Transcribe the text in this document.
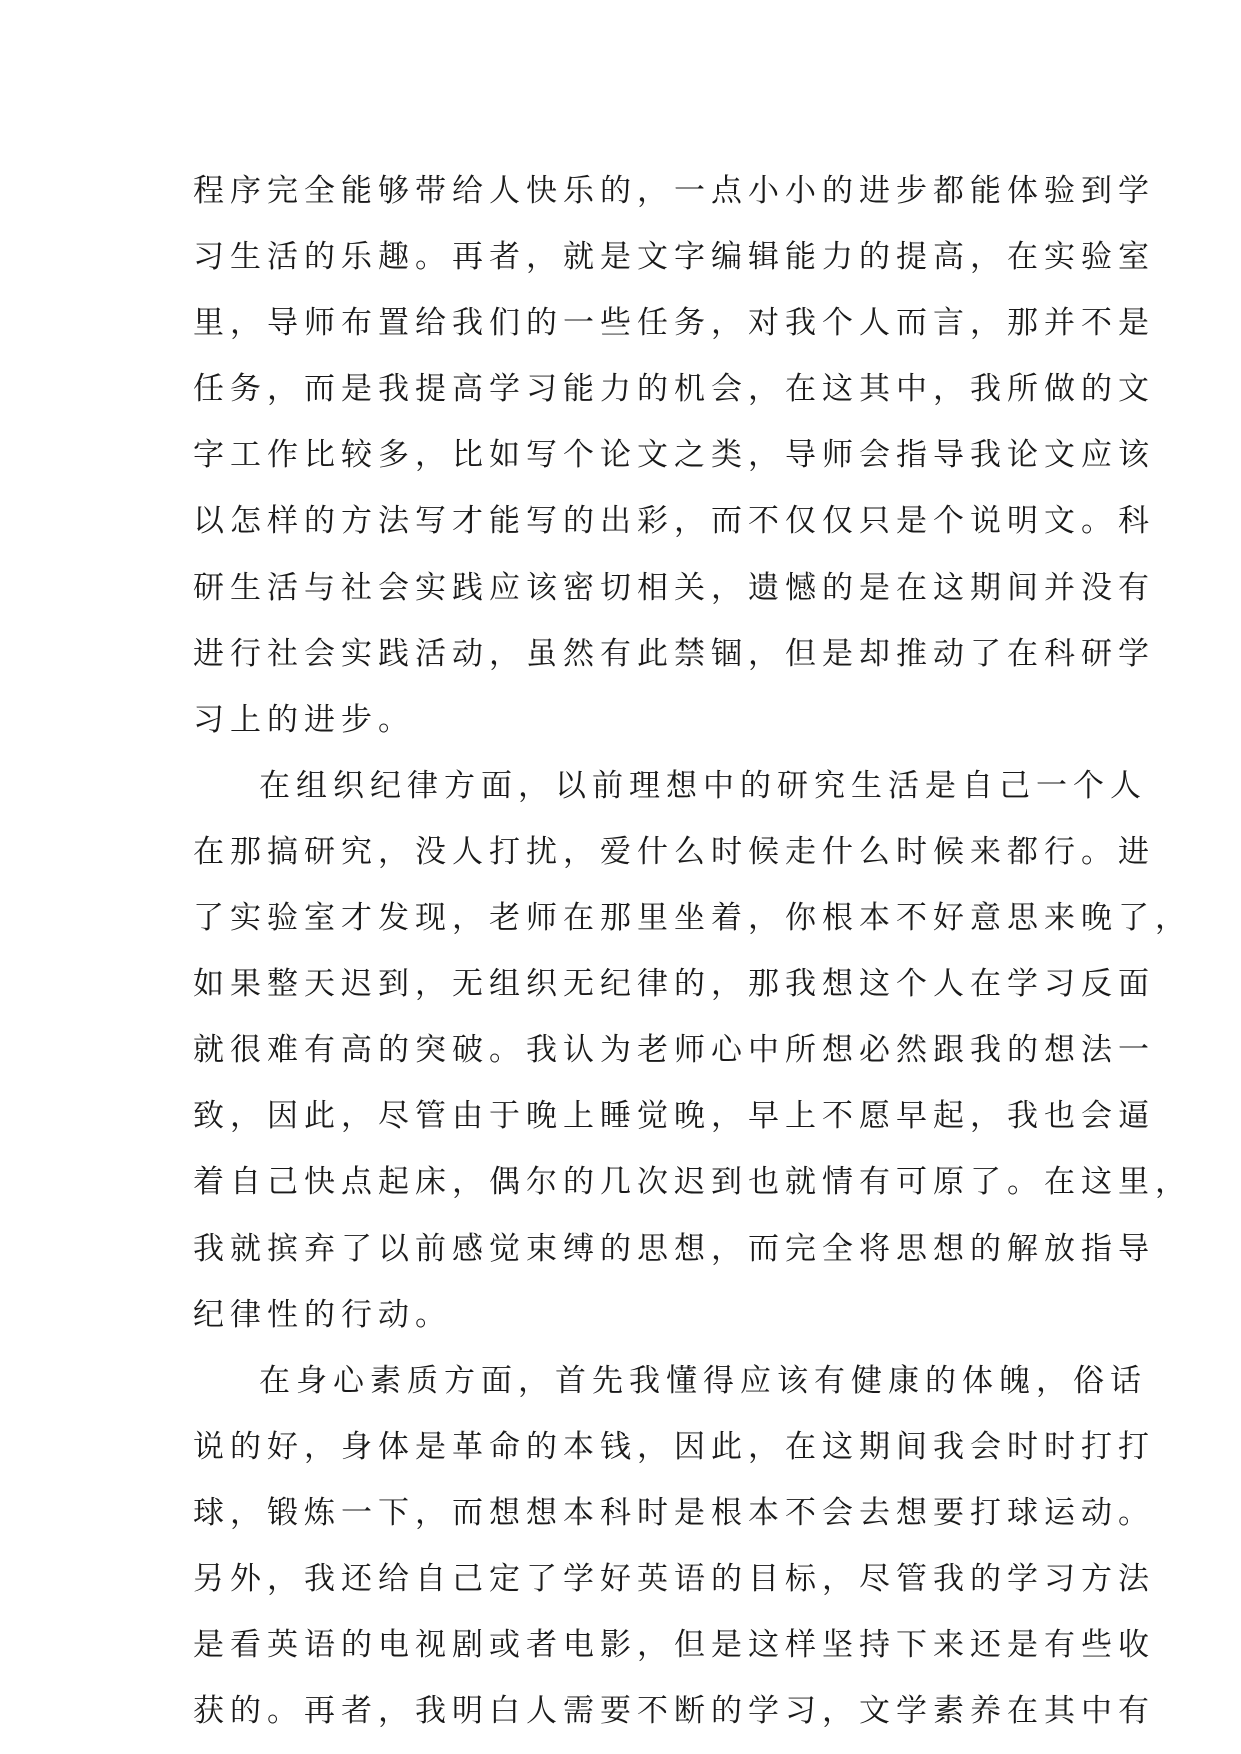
程序完全能够带给人快乐的，一点小小的进步都能体验到学
习生活的乐趣。再者，就是文字编辑能力的提高，在实验室
里，导师布置给我们的一些任务，对我个人而言，那并不是
任务，而是我提高学习能力的机会，在这其中，我所做的文
字工作比较多，比如写个论文之类，导师会指导我论文应该
以怎样的方法写才能写的出彩，而不仅仅只是个说明文。科
研生活与社会实践应该密切相关，遗憾的是在这期间并没有
进行社会实践活动，虽然有此禁锢，但是却推动了在科研学
习上的进步。
在组织纪律方面，以前理想中的研究生活是自己一个人
在那搞研究，没人打扰，爱什么时候走什么时候来都行。进
了实验室才发现，老师在那里坐着，你根本不好意思来晚了，
如果整天迟到，无组织无纪律的，那我想这个人在学习反面
就很难有高的突破。我认为老师心中所想必然跟我的想法一
致，因此，尽管由于晚上睡觉晚，早上不愿早起，我也会逼
着自己快点起床，偶尔的几次迟到也就情有可原了。在这里，
我就摈弃了以前感觉束缚的思想，而完全将思想的解放指导
纪律性的行动。
在身心素质方面，首先我懂得应该有健康的体魄，俗话
说的好，身体是革命的本钱，因此，在这期间我会时时打打
球，锻炼一下，而想想本科时是根本不会去想要打球运动。
另外，我还给自己定了学好英语的目标，尽管我的学习方法
是看英语的电视剧或者电影，但是这样坚持下来还是有些收
获的。再者，我明白人需要不断的学习，文学素养在其中有
